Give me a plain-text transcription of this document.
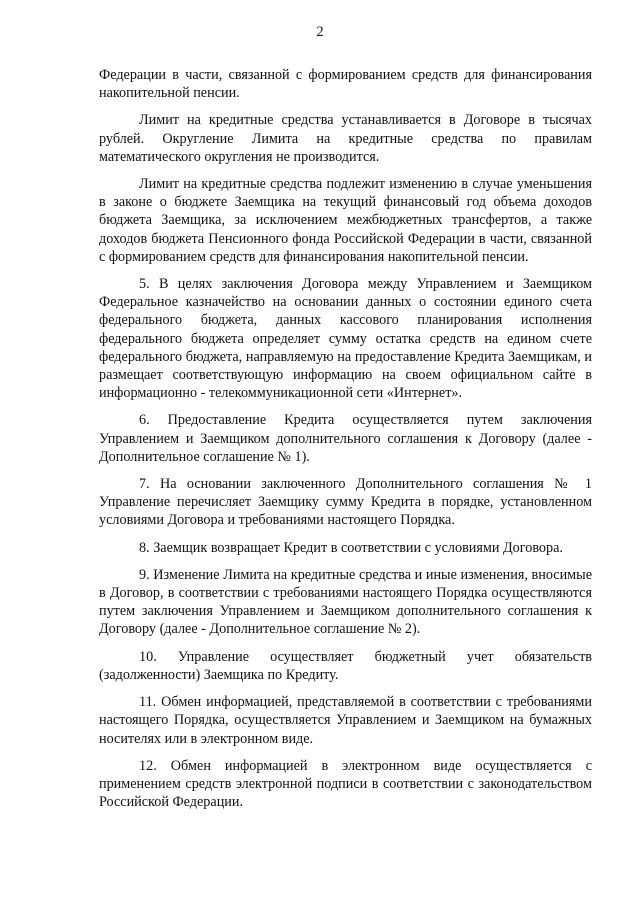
2

Федерации в части, связанной с формированием средств для финансирования накопительной пенсии.

Лимит на кредитные средства устанавливается в Договоре в тысячах рублей. Округление Лимита на кредитные средства по правилам математического округления не производится.

Лимит на кредитные средства подлежит изменению в случае уменьшения в законе о бюджете Заемщика на текущий финансовый год объема доходов бюджета Заемщика, за исключением межбюджетных трансфертов, а также доходов бюджета Пенсионного фонда Российской Федерации в части, связанной с формированием средств для финансирования накопительной пенсии.

5. В целях заключения Договора между Управлением и Заемщиком Федеральное казначейство на основании данных о состоянии единого счета федерального бюджета, данных кассового планирования исполнения федерального бюджета определяет сумму остатка средств на едином счете федерального бюджета, направляемую на предоставление Кредита Заемщикам, и размещает соответствующую информацию на своем официальном сайте в информационно - телекоммуникационной сети «Интернет».

6. Предоставление Кредита осуществляется путем заключения Управлением и Заемщиком дополнительного соглашения к Договору (далее - Дополнительное соглашение № 1).

7. На основании заключенного Дополнительного соглашения № 1 Управление перечисляет Заемщику сумму Кредита в порядке, установленном условиями Договора и требованиями настоящего Порядка.

8. Заемщик возвращает Кредит в соответствии с условиями Договора.

9. Изменение Лимита на кредитные средства и иные изменения, вносимые в Договор, в соответствии с требованиями настоящего Порядка осуществляются путем заключения Управлением и Заемщиком дополнительного соглашения к Договору (далее - Дополнительное соглашение № 2).

10. Управление осуществляет бюджетный учет обязательств (задолженности) Заемщика по Кредиту.

11. Обмен информацией, представляемой в соответствии с требованиями настоящего Порядка, осуществляется Управлением и Заемщиком на бумажных носителях или в электронном виде.

12. Обмен информацией в электронном виде осуществляется с применением средств электронной подписи в соответствии с законодательством Российской Федерации.
